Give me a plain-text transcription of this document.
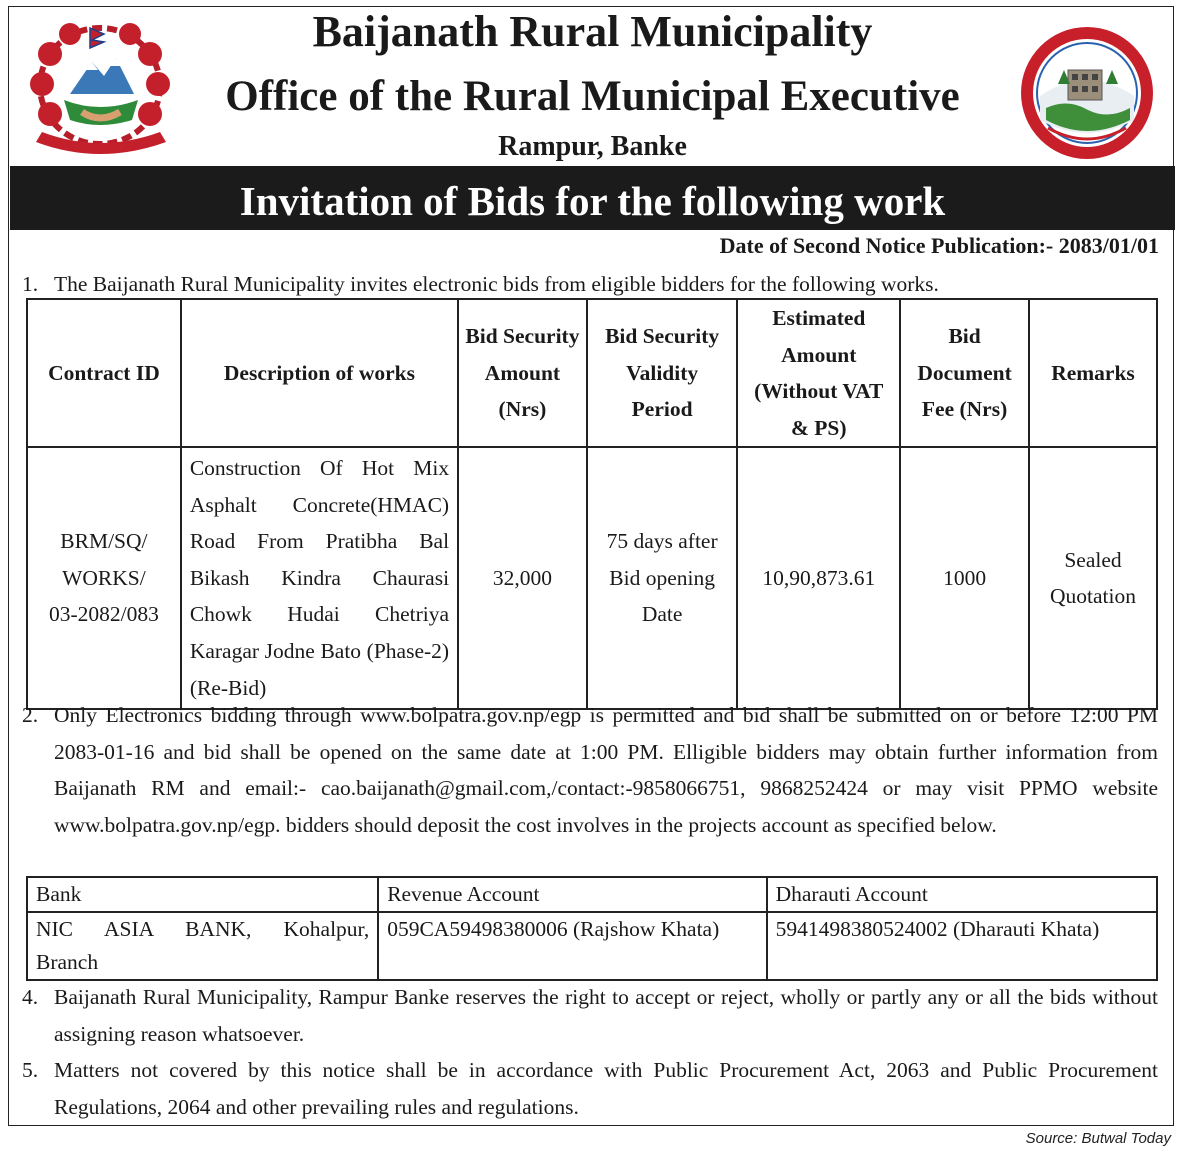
Baijanath Rural Municipality
Office of the Rural Municipal Executive
Rampur, Banke
Invitation of Bids for the following work
Date of Second Notice Publication:- 2083/01/01
1. The Baijanath Rural Municipality invites electronic bids from eligible bidders for the following works.
Contract ID	Description of works	Bid Security Amount (Nrs)	Bid Security Validity Period	Estimated Amount (Without VAT & PS)	Bid Document Fee (Nrs)	Remarks
BRM/SQ/ WORKS/ 03-2082/083	Construction Of Hot Mix Asphalt Concrete(HMAC) Road From Pratibha Bal Bikash Kindra Chaurasi Chowk Hudai Chetriya Karagar Jodne Bato (Phase-2) (Re-Bid)	32,000	75 days after Bid opening Date	10,90,873.61	1000	Sealed Quotation
2. Only Electronics bidding through www.bolpatra.gov.np/egp is permitted and bid shall be submitted on or before 12:00 PM 2083-01-16 and bid shall be opened on the same date at 1:00 PM. Elligible bidders may obtain further information from Baijanath RM and email:- cao.baijanath@gmail.com,/contact:-9858066751, 9868252424 or may visit PPMO website www.bolpatra.gov.np/egp. bidders should deposit the cost involves in the projects account as specified below.
Bank	Revenue Account	Dharauti Account

NIC ASIA BANK, Kohalpur,
Branch	059CA59498380006 (Rajshow Khata)	5941498380524002 (Dharauti Khata)
4. Baijanath Rural Municipality, Rampur Banke reserves the right to accept or reject, wholly or partly any or all the bids without assigning reason whatsoever.
5. Matters not covered by this notice shall be in accordance with Public Procurement Act, 2063 and Public Procurement Regulations, 2064 and other prevailing rules and regulations.
Source: Butwal Today
